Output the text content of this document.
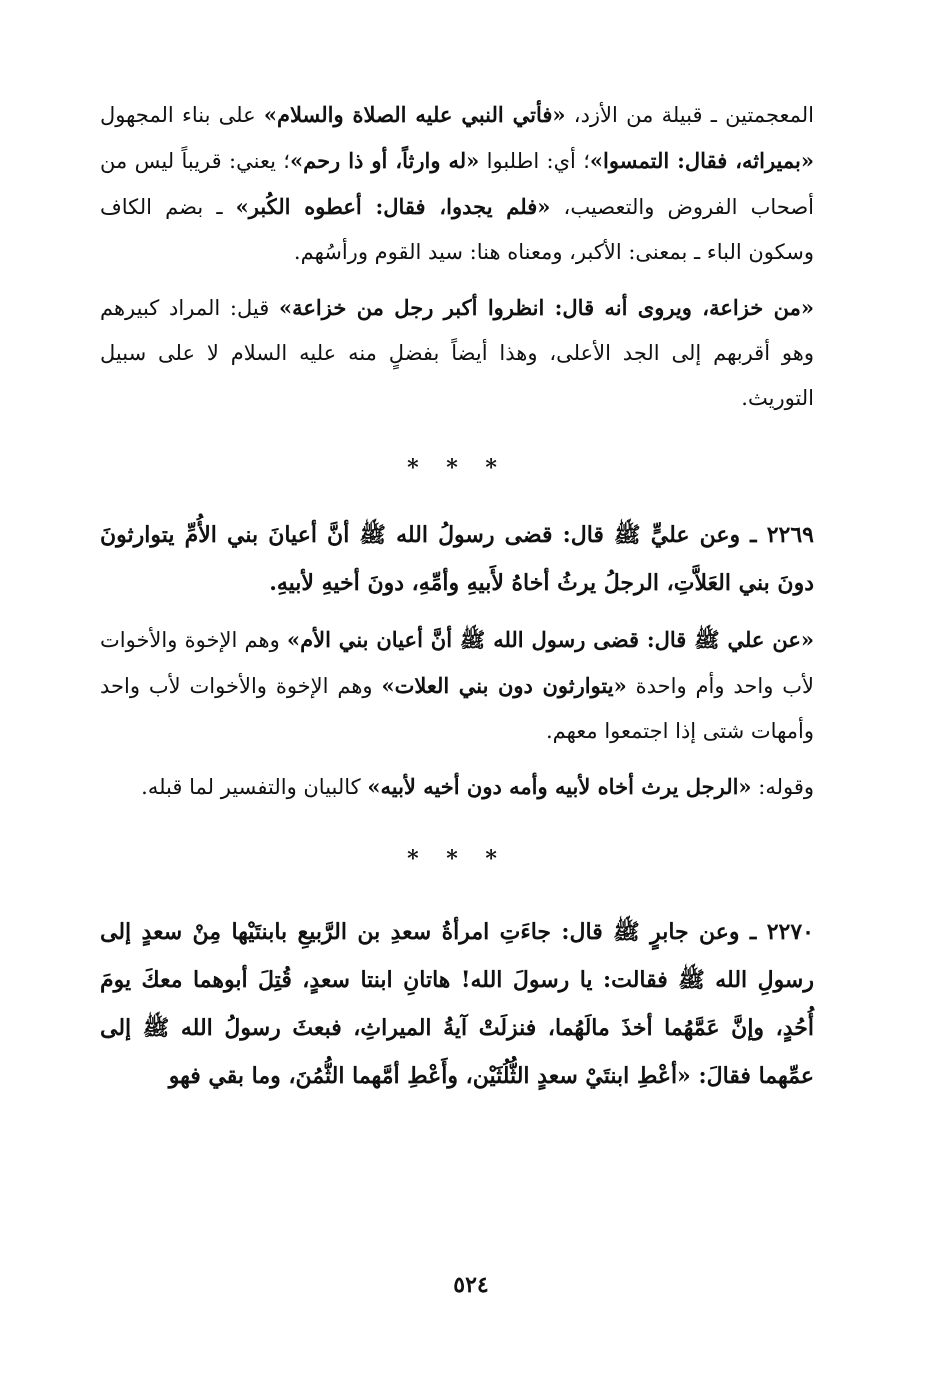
المعجمتين ـ قبيلة من الأزد، «فأتي النبي عليه الصلاة والسلام» على بناء المجهول «بميراثه، فقال: التمسوا»؛ أي: اطلبوا «له وارثاً، أو ذا رحم»؛ يعني: قريباً ليس من أصحاب الفروض والتعصيب، «فلم يجدوا، فقال: أعطوه الكُبر» ـ بضم الكاف وسكون الباء ـ بمعنى: الأكبر، ومعناه هنا: سيد القوم ورأسُهم.

«من خزاعة، ويروى أنه قال: انظروا أكبر رجل من خزاعة» قيل: المراد كبيرهم وهو أقربهم إلى الجد الأعلى، وهذا أيضاً بفضلٍ منه عليه السلام لا على سبيل التوريث.

* * *

٢٢٦٩ ـ وعن عليٍّ ﷺ قال: قضى رسولُ الله ﷺ أنَّ أعيانَ بني الأُمِّ يتوارثونَ دونَ بني العَلاَّتِ، الرجلُ يرثُ أخاهُ لأَبيهِ وأمِّهِ، دونَ أخيهِ لأبيهِ.

«عن علي ﷺ قال: قضى رسول الله ﷺ أنَّ أعيان بني الأم» وهم الإخوة والأخوات لأب واحد وأم واحدة «يتوارثون دون بني العلات» وهم الإخوة والأخوات لأب واحد وأمهات شتى إذا اجتمعوا معهم.

وقوله: «الرجل يرث أخاه لأبيه وأمه دون أخيه لأبيه» كالبيان والتفسير لما قبله.

* * *

٢٢٧٠ ـ وعن جابرٍ ﷺ قال: جاءَتِ امرأةُ سعدِ بن الرَّبيعِ بابنتَيْها مِنْ سعدٍ إلى رسولِ الله ﷺ فقالت: يا رسولَ الله! هاتانِ ابنتا سعدٍ، قُتِلَ أبوهما معكَ يومَ أُحُدٍ، وإنَّ عَمَّهُما أخذَ مالَهُما، فنزلَتْ آيةُ الميراثِ، فبعثَ رسولُ الله ﷺ إلى عمِّهما فقالَ: «أعْطِ ابنتَيْ سعدٍ الثُّلُثَيْن، وأَعْطِ أمَّهما الثُّمُنَ، وما بقي فهو

٥٢٤
